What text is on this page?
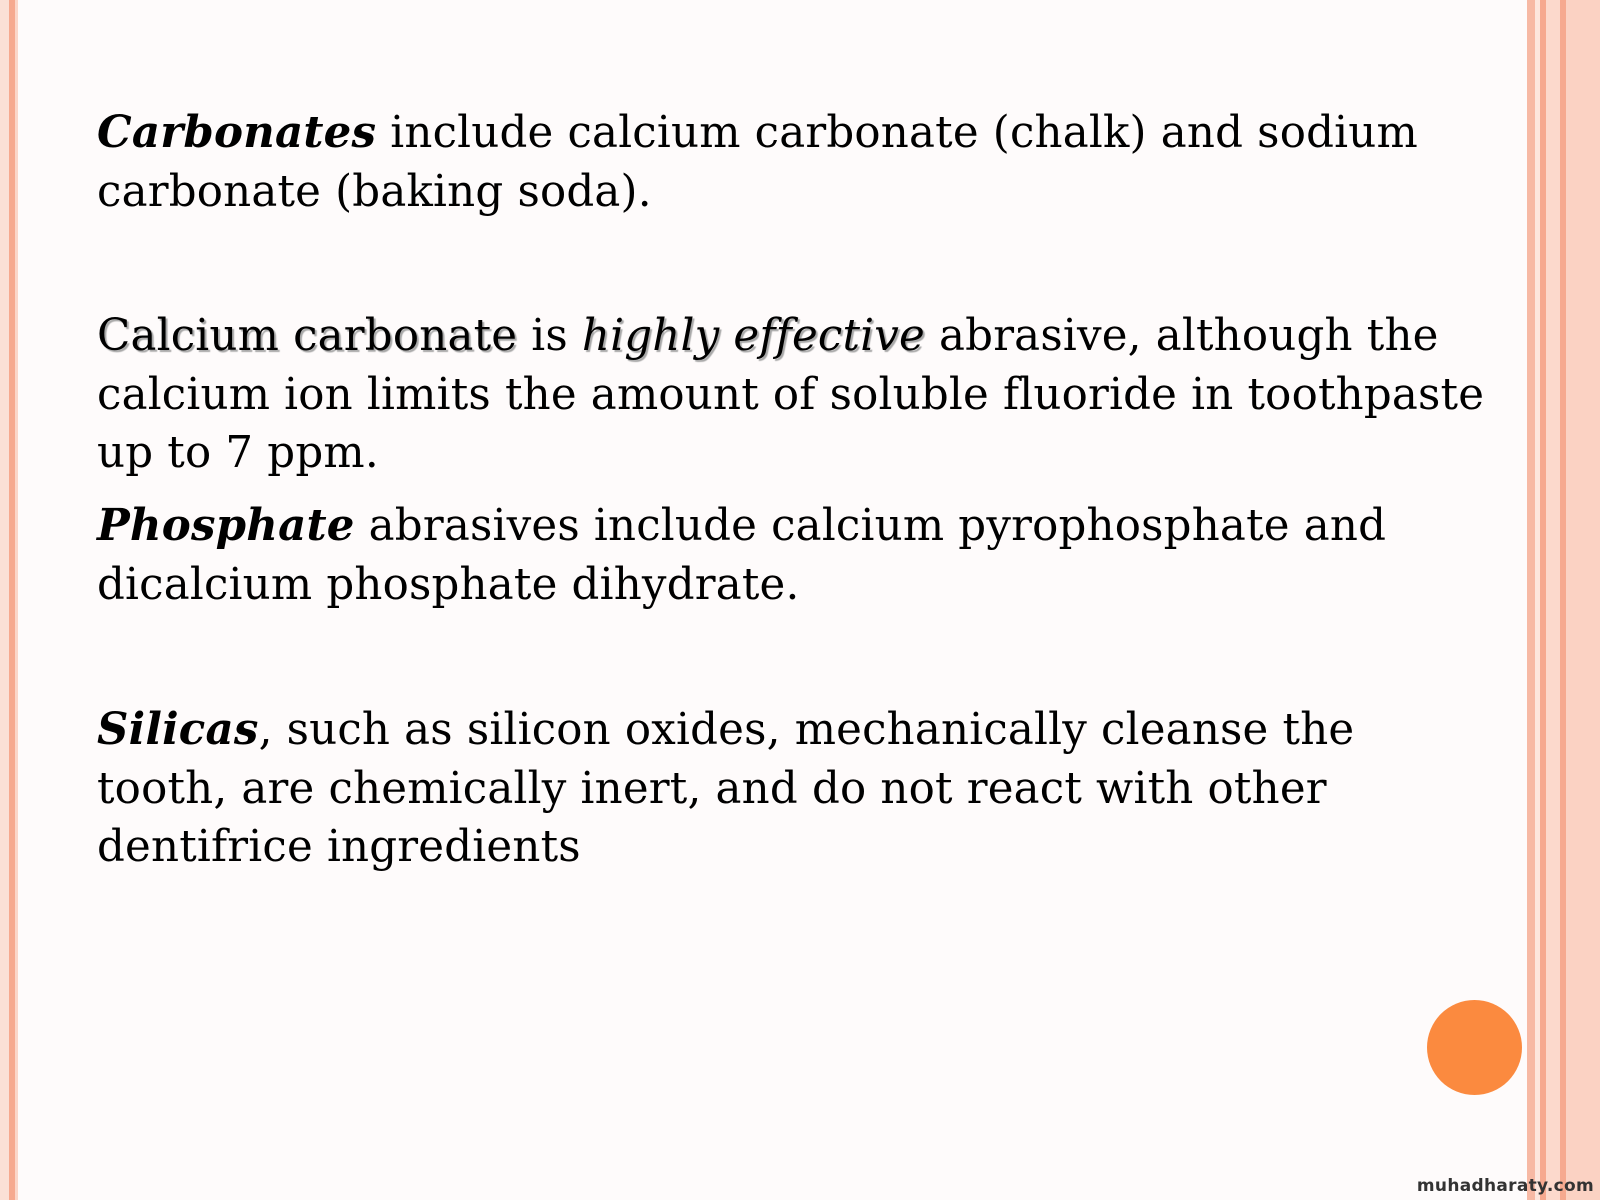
Carbonates include calcium carbonate (chalk) and sodium
carbonate (baking soda).
Calcium carbonate is highly effective abrasive, although the
calcium ion limits the amount of soluble fluoride in toothpaste
up to 7 ppm.
Phosphate abrasives include calcium pyrophosphate and
dicalcium phosphate dihydrate.
Silicas, such as silicon oxides, mechanically cleanse the
tooth, are chemically inert, and do not react with other
dentifrice ingredients
muhadharaty.com
